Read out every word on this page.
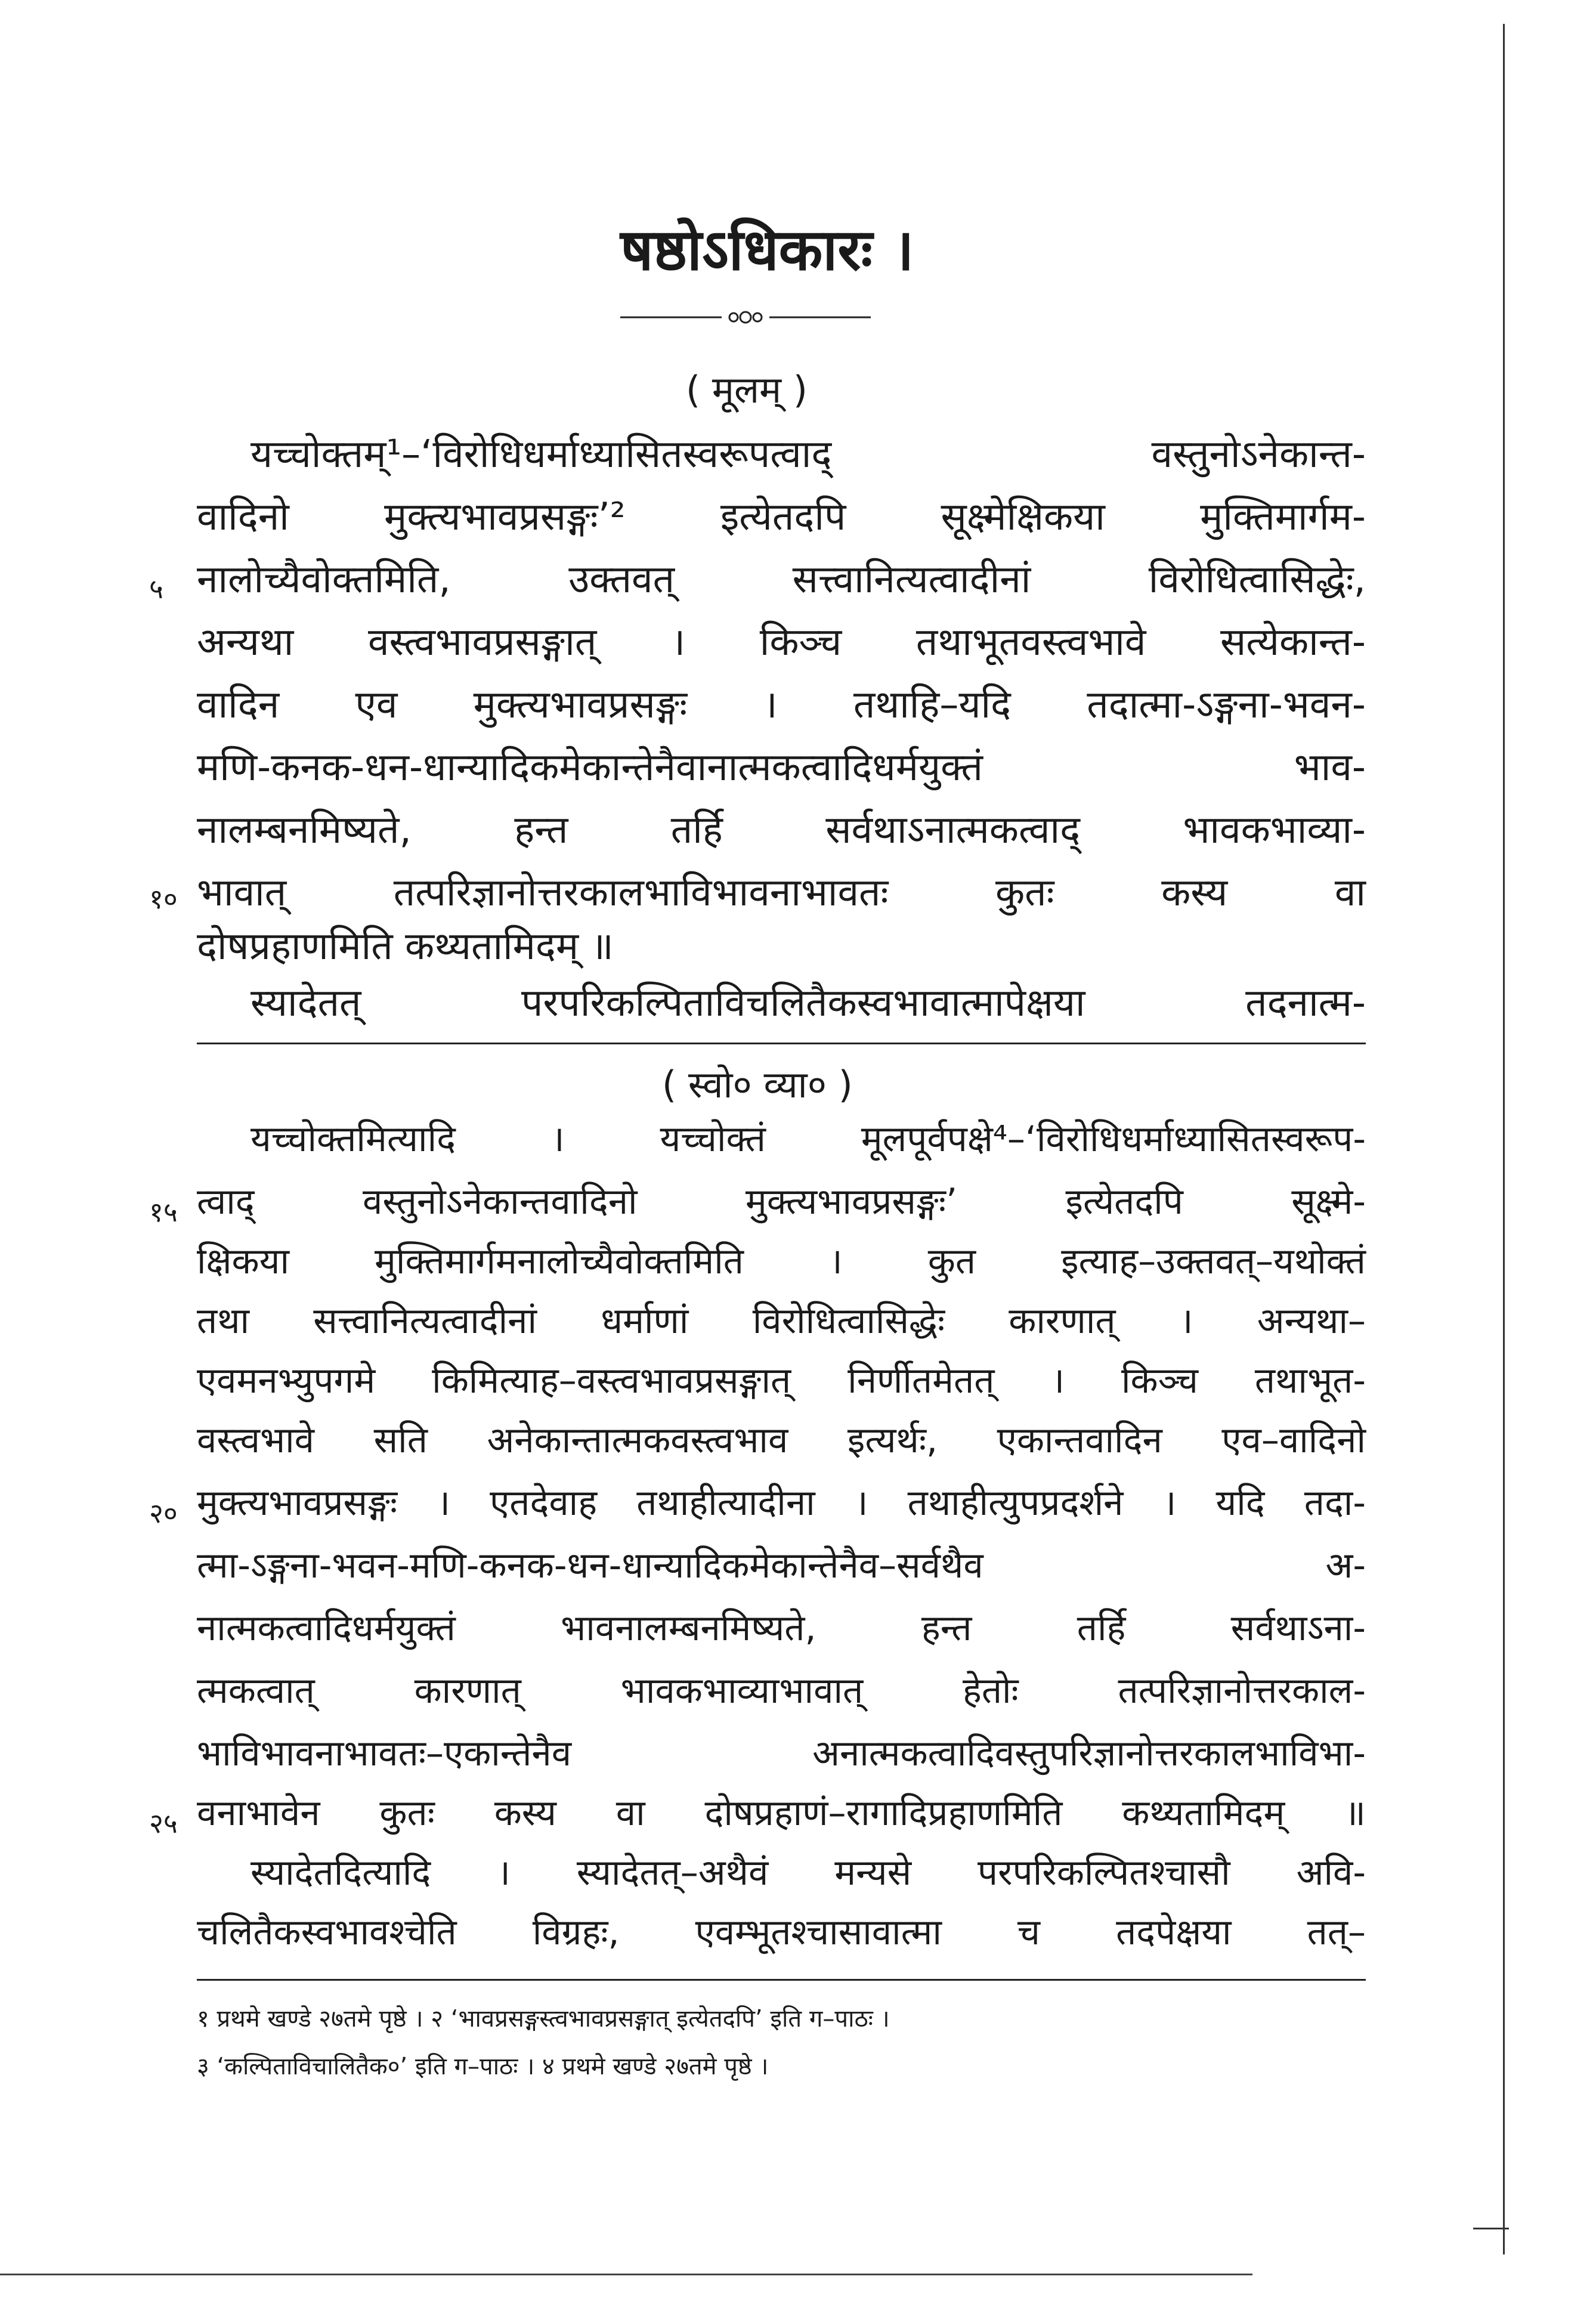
षष्ठोऽधिकारः ।
( मूलम् )
यच्चोक्तम्¹–‘विरोधिधर्माध्यासितस्वरूपत्वाद् वस्तुनोऽनेकान्त-
वादिनो मुक्त्यभावप्रसङ्गः’² इत्येतदपि सूक्ष्मेक्षिकया मुक्तिमार्गम-
नालोच्यैवोक्तमिति, उक्तवत् सत्त्वानित्यत्वादीनां विरोधित्वासिद्धेः,
अन्यथा वस्त्वभावप्रसङ्गात् । किञ्च तथाभूतवस्त्वभावे सत्येकान्त-
वादिन एव मुक्त्यभावप्रसङ्गः । तथाहि–यदि तदात्मा-ऽङ्गना-भवन-
मणि-कनक-धन-धान्यादिकमेकान्तेनैवानात्मकत्वादिधर्मयुक्तं भाव-
नालम्बनमिष्यते, हन्त तर्हि सर्वथाऽनात्मकत्वाद् भावकभाव्या-
भावात् तत्परिज्ञानोत्तरकालभाविभावनाभावतः कुतः कस्य वा
दोषप्रहाणमिति कथ्यतामिदम् ॥
स्यादेतत् परपरिकल्पिताविचलितैकस्वभावात्मापेक्षया तदनात्म-
५
१०
( स्वो० व्या० )
यच्चोक्तमित्यादि । यच्चोक्तं मूलपूर्वपक्षे⁴–‘विरोधिधर्माध्यासितस्वरूप-
त्वाद् वस्तुनोऽनेकान्तवादिनो मुक्त्यभावप्रसङ्गः’ इत्येतदपि सूक्ष्मे-
क्षिकया मुक्तिमार्गमनालोच्यैवोक्तमिति । कुत इत्याह–उक्तवत्–यथोक्तं
तथा सत्त्वानित्यत्वादीनां धर्माणां विरोधित्वासिद्धेः कारणात् । अन्यथा–
एवमनभ्युपगमे किमित्याह–वस्त्वभावप्रसङ्गात् निर्णीतमेतत् । किञ्च तथाभूत-
वस्त्वभावे सति अनेकान्तात्मकवस्त्वभाव इत्यर्थः, एकान्तवादिन एव–वादिनो
मुक्त्यभावप्रसङ्गः । एतदेवाह तथाहीत्यादीना । तथाहीत्युपप्रदर्शने । यदि तदा-
त्मा-ऽङ्गना-भवन-मणि-कनक-धन-धान्यादिकमेकान्तेनैव–सर्वथैव अ-
नात्मकत्वादिधर्मयुक्तं भावनालम्बनमिष्यते, हन्त तर्हि सर्वथाऽना-
त्मकत्वात् कारणात् भावकभाव्याभावात् हेतोः तत्परिज्ञानोत्तरकाल-
भाविभावनाभावतः–एकान्तेनैव अनात्मकत्वादिवस्तुपरिज्ञानोत्तरकालभाविभा-
वनाभावेन कुतः कस्य वा दोषप्रहाणं–रागादिप्रहाणमिति कथ्यतामिदम् ॥
स्यादेतदित्यादि । स्यादेतत्–अथैवं मन्यसे परपरिकल्पितश्चासौ अवि-
चलितैकस्वभावश्चेति विग्रहः, एवम्भूतश्चासावात्मा च तदपेक्षया तत्–
१५
२०
२५
१ प्रथमे खण्डे २७तमे पृष्ठे । २ ‘भावप्रसङ्गस्त्वभावप्रसङ्गात् इत्येतदपि’ इति ग–पाठः ।
३ ‘कल्पिताविचालितैक०’ इति ग–पाठः । ४ प्रथमे खण्डे २७तमे पृष्ठे ।
